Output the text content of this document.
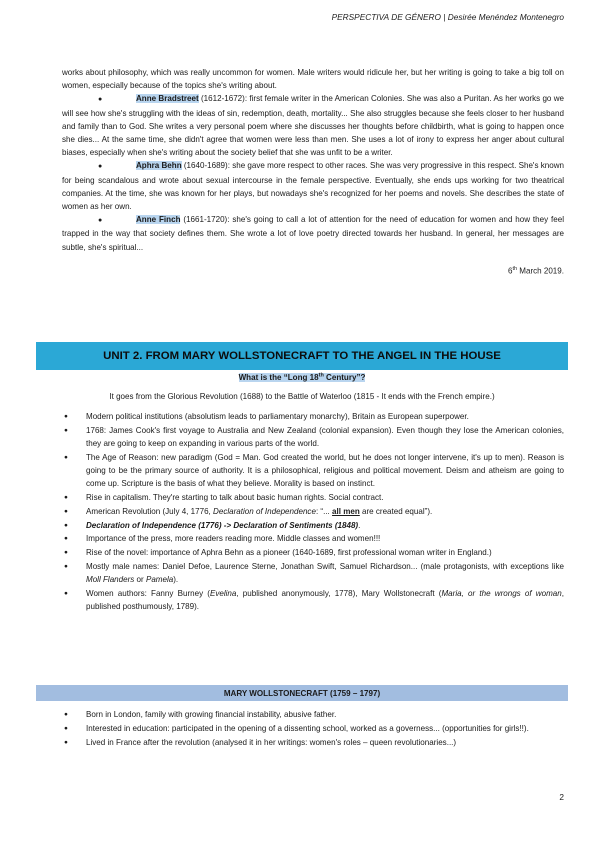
PERSPECTIVA DE GÉNERO | Desirée Menéndez Montenegro

works about philosophy, which was really uncommon for women. Male writers would ridicule her, but her writing is going to take a big toll on women, especially because of the topics she's writing about.

●	Anne Bradstreet (1612-1672): first female writer in the American Colonies. She was also a Puritan. As her works go we will see how she's struggling with the ideas of sin, redemption, death, mortality... She also struggles because she feels closer to her husband and family than to God. She writes a very personal poem where she discusses her thoughts before childbirth, what is going to happen once she dies... At the same time, she didn't agree that women were less than men. She uses a lot of irony to express her anger about cultural biases, especially when she's writing about the society belief that she was unfit to be a writer.

●	Aphra Behn (1640-1689): she gave more respect to other races. She was very progressive in this respect. She's known for being scandalous and wrote about sexual intercourse in the female perspective. Eventually, she ends ups working for two theatrical companies. At the time, she was known for her plays, but nowadays she's recognized for her poems and novels. She describes the state of women as her own.

●	Anne Finch (1661-1720): she's going to call a lot of attention for the need of education for women and how they feel trapped in the way that society defines them. She wrote a lot of love poetry directed towards her husband. In general, her messages are subtle, she's spiritual...

6th March 2019.

UNIT 2. FROM MARY WOLLSTONECRAFT TO THE ANGEL IN THE HOUSE
What is the “Long 18th Century”?
It goes from the Glorious Revolution (1688) to the Battle of Waterloo (1815 - It ends with the French empire.)
● Modern political institutions (absolutism leads to parliamentary monarchy), Britain as European superpower.
● 1768: James Cook's first voyage to Australia and New Zealand (colonial expansion). Even though they lose the American colonies, they are going to keep on expanding in various parts of the world.
● The Age of Reason: new paradigm (God = Man. God created the world, but he does not longer intervene, it's up to men). Reason is going to be the primary source of authority. It is a philosophical, religious and political movement. Deism and atheism are going to come up. Scripture is the basis of what they believe. Morality is based on instinct.
● Rise in capitalism. They're starting to talk about basic human rights. Social contract.
● American Revolution (July 4, 1776, Declaration of Independence: “... all men are created equal”).
● Declaration of Independence (1776) -> Declaration of Sentiments (1848).
● Importance of the press, more readers reading more. Middle classes and women!!!
● Rise of the novel: importance of Aphra Behn as a pioneer (1640-1689, first professional woman writer in England.)
● Mostly male names: Daniel Defoe, Laurence Sterne, Jonathan Swift, Samuel Richardson... (male protagonists, with exceptions like Moll Flanders or Pamela).
● Women authors: Fanny Burney (Evelina, published anonymously, 1778), Mary Wollstonecraft (Maria, or the wrongs of woman, published posthumously, 1789).
MARY WOLLSTONECRAFT (1759 – 1797)
● Born in London, family with growing financial instability, abusive father.
● Interested in education: participated in the opening of a dissenting school, worked as a governess... (opportunities for girls!!).
● Lived in France after the revolution (analysed it in her writings: women's roles – queen revolutionaries...)
2
